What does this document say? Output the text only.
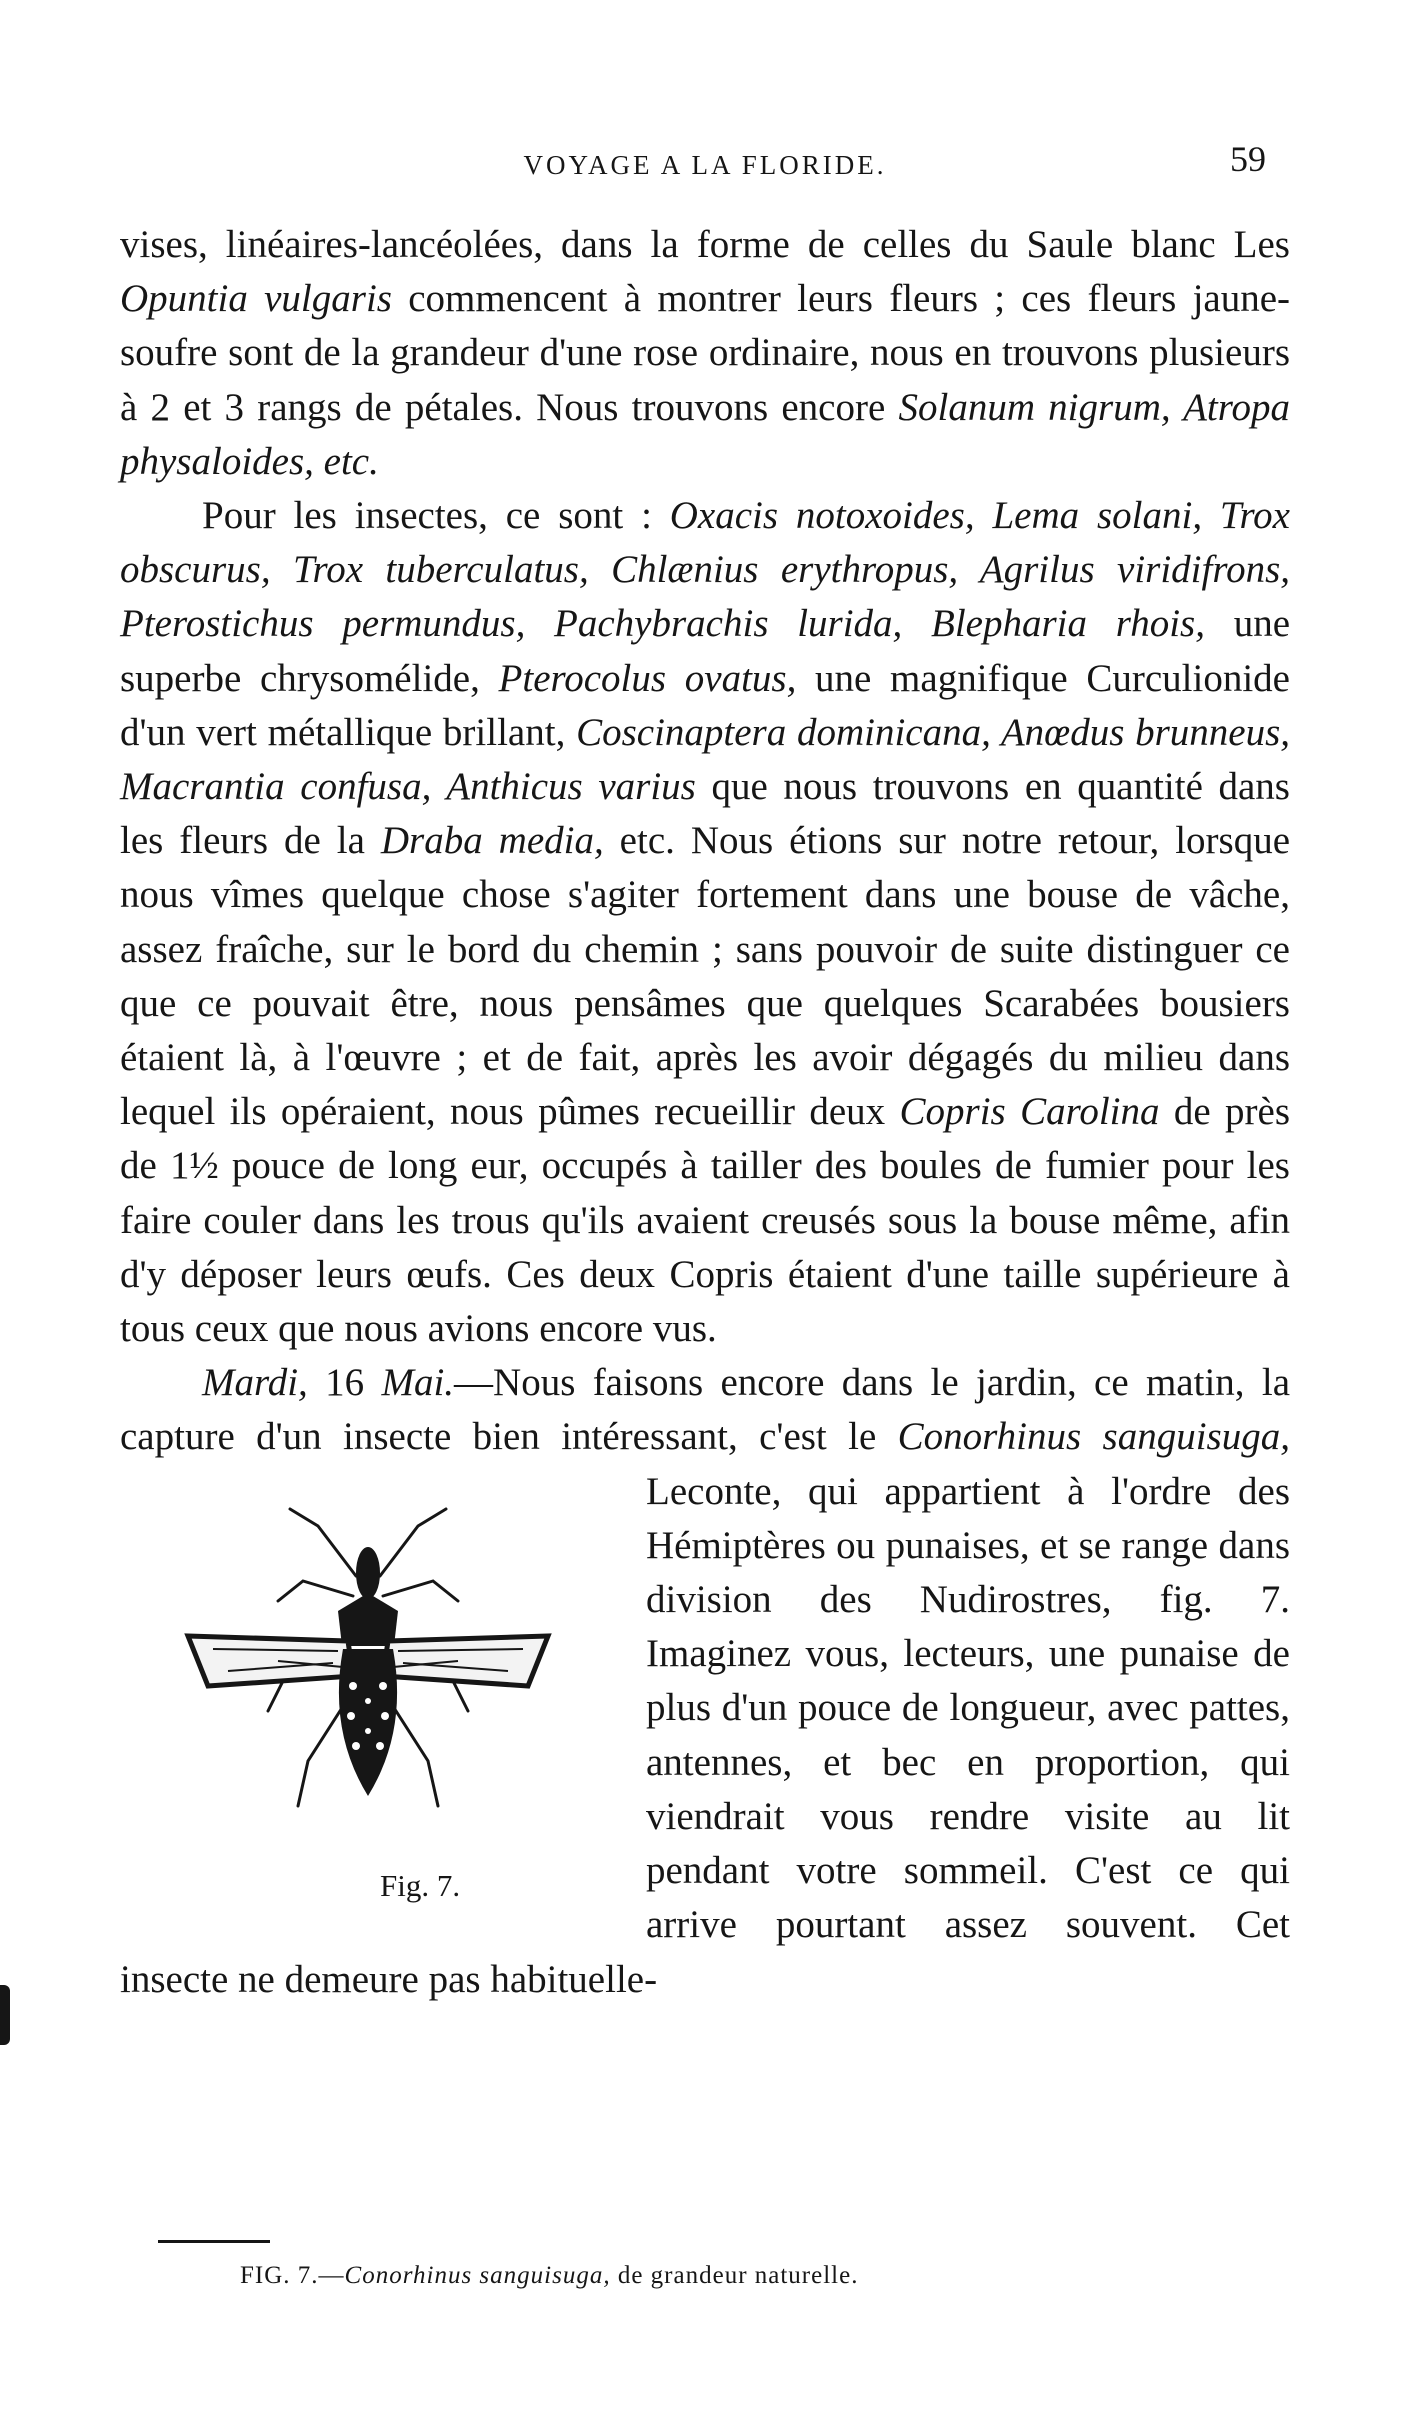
VOYAGE A LA FLORIDE.	59

vises, linéaires-lancéolées, dans la forme de celles du Saule blanc Les Opuntia vulgaris commencent à montrer leurs fleurs ; ces fleurs jaune-soufre sont de la grandeur d'une rose ordinaire, nous en trouvons plusieurs à 2 et 3 rangs de pétales. Nous trouvons encore Solanum nigrum, Atropa physaloides, etc.

Pour les insectes, ce sont : Oxacis notoxoides, Lema solani, Trox obscurus, Trox tuberculatus, Chlænius erythropus, Agrilus viridifrons, Pterostichus permundus, Pachybrachis lurida, Blepharia rhois, une superbe chrysomélide, Pterocolus ovatus, une magnifique Curculionide d'un vert métallique brillant, Coscinaptera dominicana, Anœdus brunneus, Macrantia confusa, Anthicus varius que nous trouvons en quantité dans les fleurs de la Draba media, etc. Nous étions sur notre retour, lorsque nous vîmes quelque chose s'agiter fortement dans une bouse de vâche, assez fraîche, sur le bord du chemin ; sans pouvoir de suite distinguer ce que ce pouvait être, nous pensâmes que quelques Scarabées bousiers étaient là, à l'œuvre ; et de fait, après les avoir dégagés du milieu dans lequel ils opéraient, nous pûmes recueillir deux Copris Carolina de près de 1½ pouce de long eur, occupés à tailler des boules de fumier pour les faire couler dans les trous qu'ils avaient creusés sous la bouse même, afin d'y déposer leurs œufs. Ces deux Copris étaient d'une taille supérieure à tous ceux que nous avions encore vus.

Mardi, 16 Mai.—Nous faisons encore dans le jardin, ce matin, la capture d'un insecte bien intéressant, c'est le
Fig. 7.
Conorhinus sanguisuga, Leconte, qui appartient à l'ordre des Hémiptères ou punaises, et se range dans division des Nudirostres, fig. 7. Imaginez vous, lecteurs, une punaise de plus d'un pouce de longueur, avec pattes, antennes, et bec en proportion, qui viendrait vous rendre visite au lit pendant votre sommeil. C'est ce qui arrive pourtant assez souvent. Cet insecte ne demeure pas habituelle-

FIG. 7.—Conorhinus sanguisuga, de grandeur naturelle.
